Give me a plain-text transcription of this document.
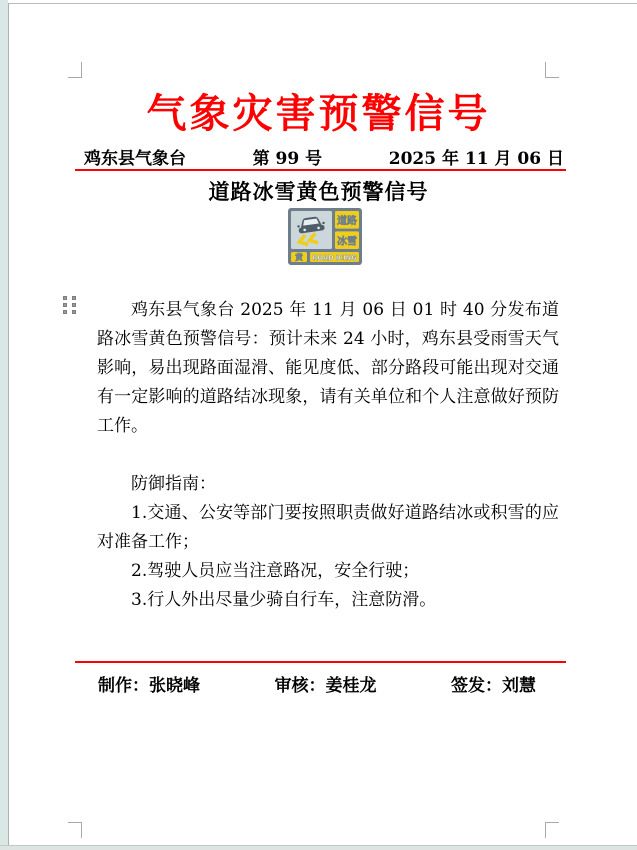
气象灾害预警信号
鸡东县气象台	第 99 号	2025 年 11 月 06 日
道路冰雪黄色预警信号
道路
冰雪
黄 ROAD ICING

鸡东县气象台 2025 年 11 月 06 日 01 时 40 分发布道路冰雪黄色预警信号：预计未来 24 小时，鸡东县受雨雪天气影响，易出现路面湿滑、能见度低、部分路段可能出现对交通有一定影响的道路结冰现象，请有关单位和个人注意做好预防工作。

防御指南：

1.交通、公安等部门要按照职责做好道路结冰或积雪的应对准备工作；

2.驾驶人员应当注意路况，安全行驶；

3.行人外出尽量少骑自行车，注意防滑。

制作：张晓峰	审核：姜桂龙	签发：刘慧
